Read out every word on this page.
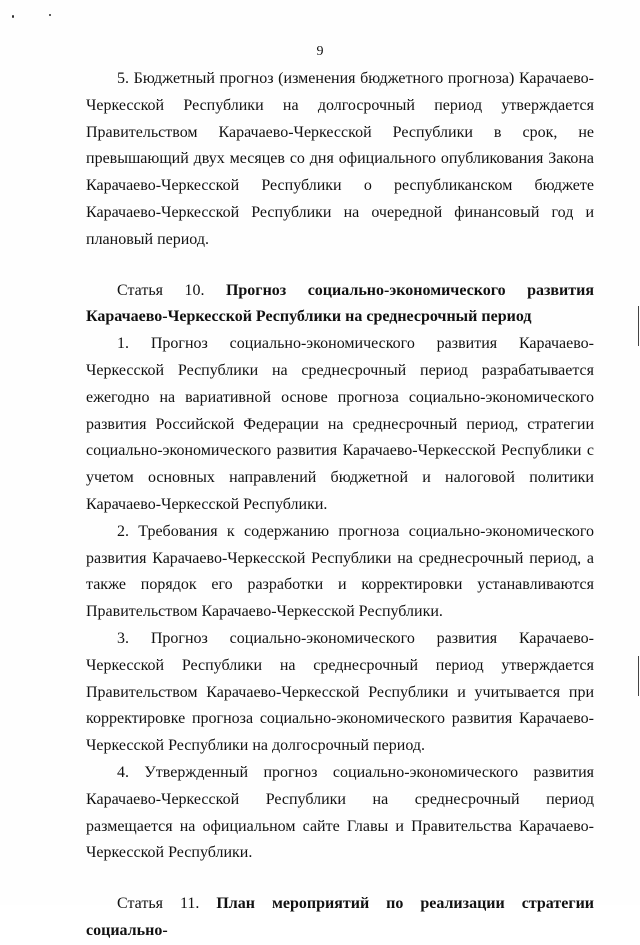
9

5. Бюджетный прогноз (изменения бюджетного прогноза) Карачаево-Черкесской Республики на долгосрочный период утверждается Правительством Карачаево-Черкесской Республики в срок, не превышающий двух месяцев со дня официального опубликования Закона Карачаево-Черкесской Республики о республиканском бюджете Карачаево-Черкесской Республики на очередной финансовый год и плановый период.

Статья 10. Прогноз социально-экономического развития Карачаево-Черкесской Республики на среднесрочный период

1. Прогноз социально-экономического развития Карачаево-Черкесской Республики на среднесрочный период разрабатывается ежегодно на вариативной основе прогноза социально-экономического развития Российской Федерации на среднесрочный период, стратегии социально-экономического развития Карачаево-Черкесской Республики с учетом основных направлений бюджетной и налоговой политики Карачаево-Черкесской Республики.

2. Требования к содержанию прогноза социально-экономического развития Карачаево-Черкесской Республики на среднесрочный период, а также порядок его разработки и корректировки устанавливаются Правительством Карачаево-Черкесской Республики.

3. Прогноз социально-экономического развития Карачаево-Черкесской Республики на среднесрочный период утверждается Правительством Карачаево-Черкесской Республики и учитывается при корректировке прогноза социально-экономического развития Карачаево-Черкесской Республики на долгосрочный период.

4. Утвержденный прогноз социально-экономического развития Карачаево-Черкесской Республики на среднесрочный период размещается на официальном сайте Главы и Правительства Карачаево-Черкесской Республики.

Статья 11. План мероприятий по реализации стратегии социально-
